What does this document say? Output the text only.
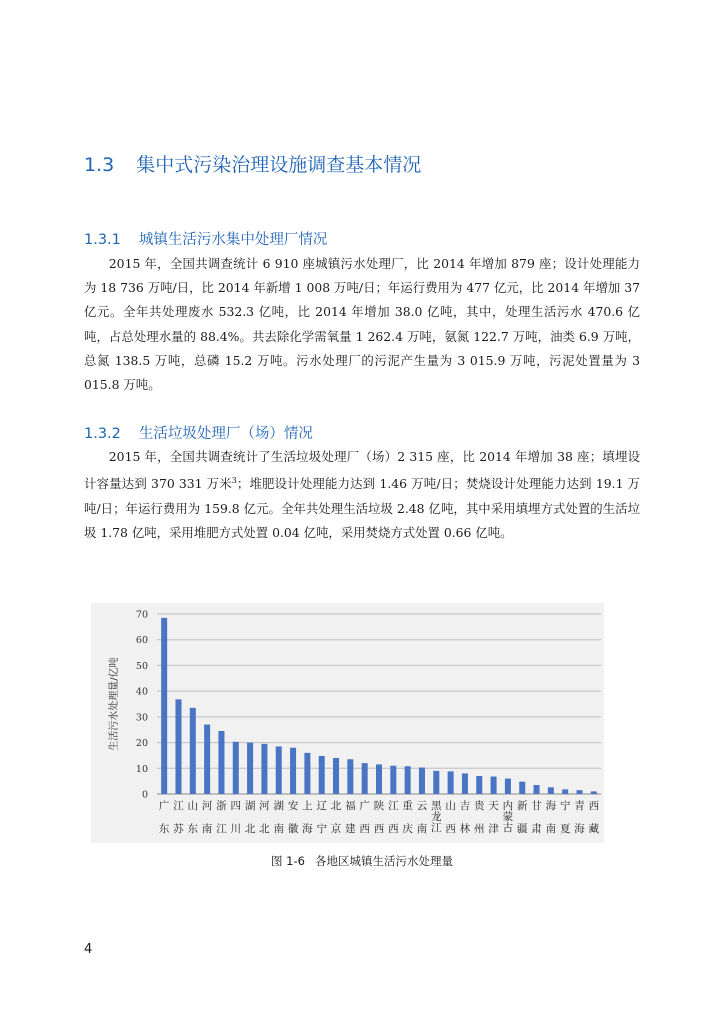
1.3 集中式污染治理设施调查基本情况
1.3.1 城镇生活污水集中处理厂情况

2015 年，全国共调查统计 6 910 座城镇污水处理厂，比 2014 年增加 879 座；设计处理能力为 18 736 万吨/日，比 2014 年新增 1 008 万吨/日；年运行费用为 477 亿元，比 2014 年增加 37 亿元。全年共处理废水 532.3 亿吨，比 2014 年增加 38.0 亿吨，其中，处理生活污水 470.6 亿吨，占总处理水量的 88.4%。共去除化学需氧量 1 262.4 万吨，氨氮 122.7 万吨，油类 6.9 万吨，总氮 138.5 万吨，总磷 15.2 万吨。污水处理厂的污泥产生量为 3 015.9 万吨，污泥处置量为 3 015.8 万吨。

1.3.2 生活垃圾处理厂（场）情况

2015 年，全国共调查统计了生活垃圾处理厂（场）2 315 座，比 2014 年增加 38 座；填埋设计容量达到 370 331 万米$^3$；堆肥设计处理能力达到 1.46 万吨/日；焚烧设计处理能力达到 19.1 万吨/日；年运行费用为 159.8 亿元。全年共处理生活垃圾 2.48 亿吨，其中采用填埋方式处置的生活垃圾 1.78 亿吨，采用堆肥方式处置 0.04 亿吨，采用焚烧方式处置 0.66 亿吨。

0
10
20
30
40
50
60
70
生活污水处理量/亿吨
广东
江苏
山东
河南
浙江
四川
湖北
河北
湖南
安徽
上海
辽宁
北京
福建
广西
陕西
江西
重庆
云南
黑龙江
山西
吉林
贵州
天津
内蒙古
新疆
甘肃
海南
宁夏
青海
西藏
图 1-6 各地区城镇生活污水处理量
4
